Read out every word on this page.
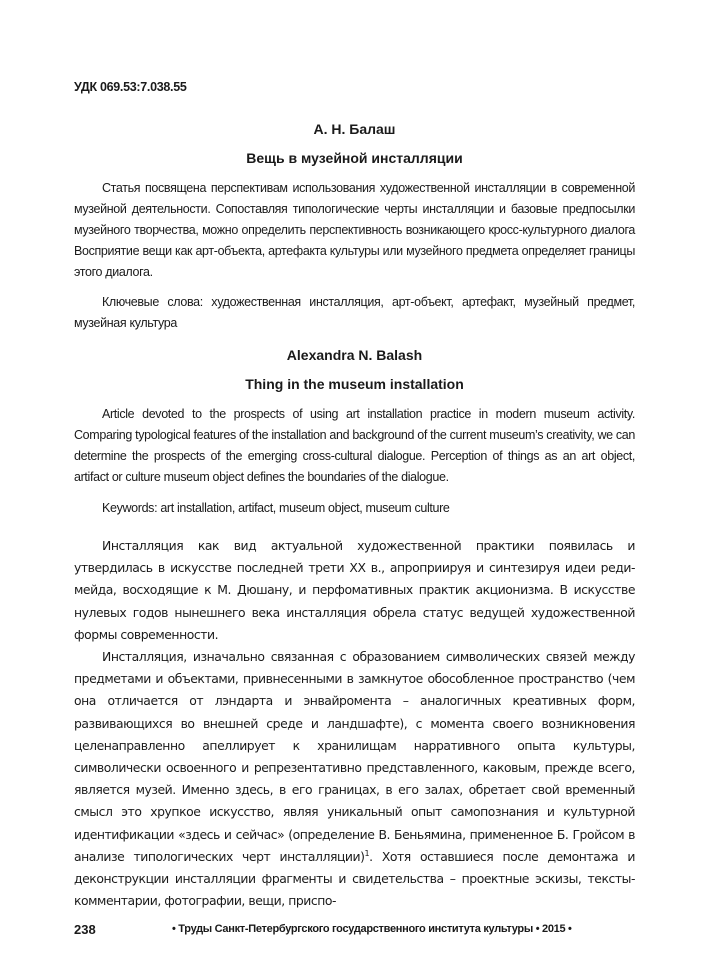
УДК 069.53:7.038.55
А. Н. Балаш
Вещь в музейной инсталляции

Статья посвящена перспективам использования художественной инсталляции в современной музейной деятельности. Сопоставляя типологические черты инсталляции и базовые предпосылки музейного творчества, можно определить перспективность возникающего кросс-культурного диалога Восприятие вещи как арт-объекта, артефакта культуры или музейного предмета определяет границы этого диалога.

Ключевые слова: художественная инсталляция, арт-объект, артефакт, музейный предмет, музейная культура

Alexandra N. Balash
Thing in the museum installation

Article devoted to the prospects of using art installation practice in modern museum activity. Comparing typological features of the installation and background of the current museum’s creativity, we can determine the prospects of the emerging cross-cultural dialogue. Perception of things as an art object, artifact or culture museum object defines the boundaries of the dialogue.

Keywords: art installation, artifact, museum object, museum culture

Инсталляция как вид актуальной художественной практики появилась и утвердилась в искусстве последней трети XX в., апроприируя и синтезируя идеи реди-мейда, восходящие к М. Дюшану, и перфомативных практик акционизма. В искусстве нулевых годов нынешнего века инсталляция обрела статус ведущей художественной формы современности.

Инсталляция, изначально связанная с образованием символических связей между предметами и объектами, привнесенными в замкнутое обособленное пространство (чем она отличается от лэндарта и энвайромента – аналогичных креативных форм, развивающихся во внешней среде и ландшафте), с момента своего возникновения целенаправленно апеллирует к хранилищам нарративного опыта культуры, символически освоенного и репрезентативно представленного, каковым, прежде всего, является музей. Именно здесь, в его границах, в его залах, обретает свой временный смысл это хрупкое искусство, являя уникальный опыт самопознания и культурной идентификации «здесь и сейчас» (определение В. Беньямина, примененное Б. Гройсом в анализе типологических черт инсталляции)$^1$. Хотя оставшиеся после демонтажа и деконструкции инсталляции фрагменты и свидетельства – проектные эскизы, тексты-комментарии, фотографии, вещи, приспо-

238	• Труды Санкт-Петербургского государственного института культуры • 2015 •
